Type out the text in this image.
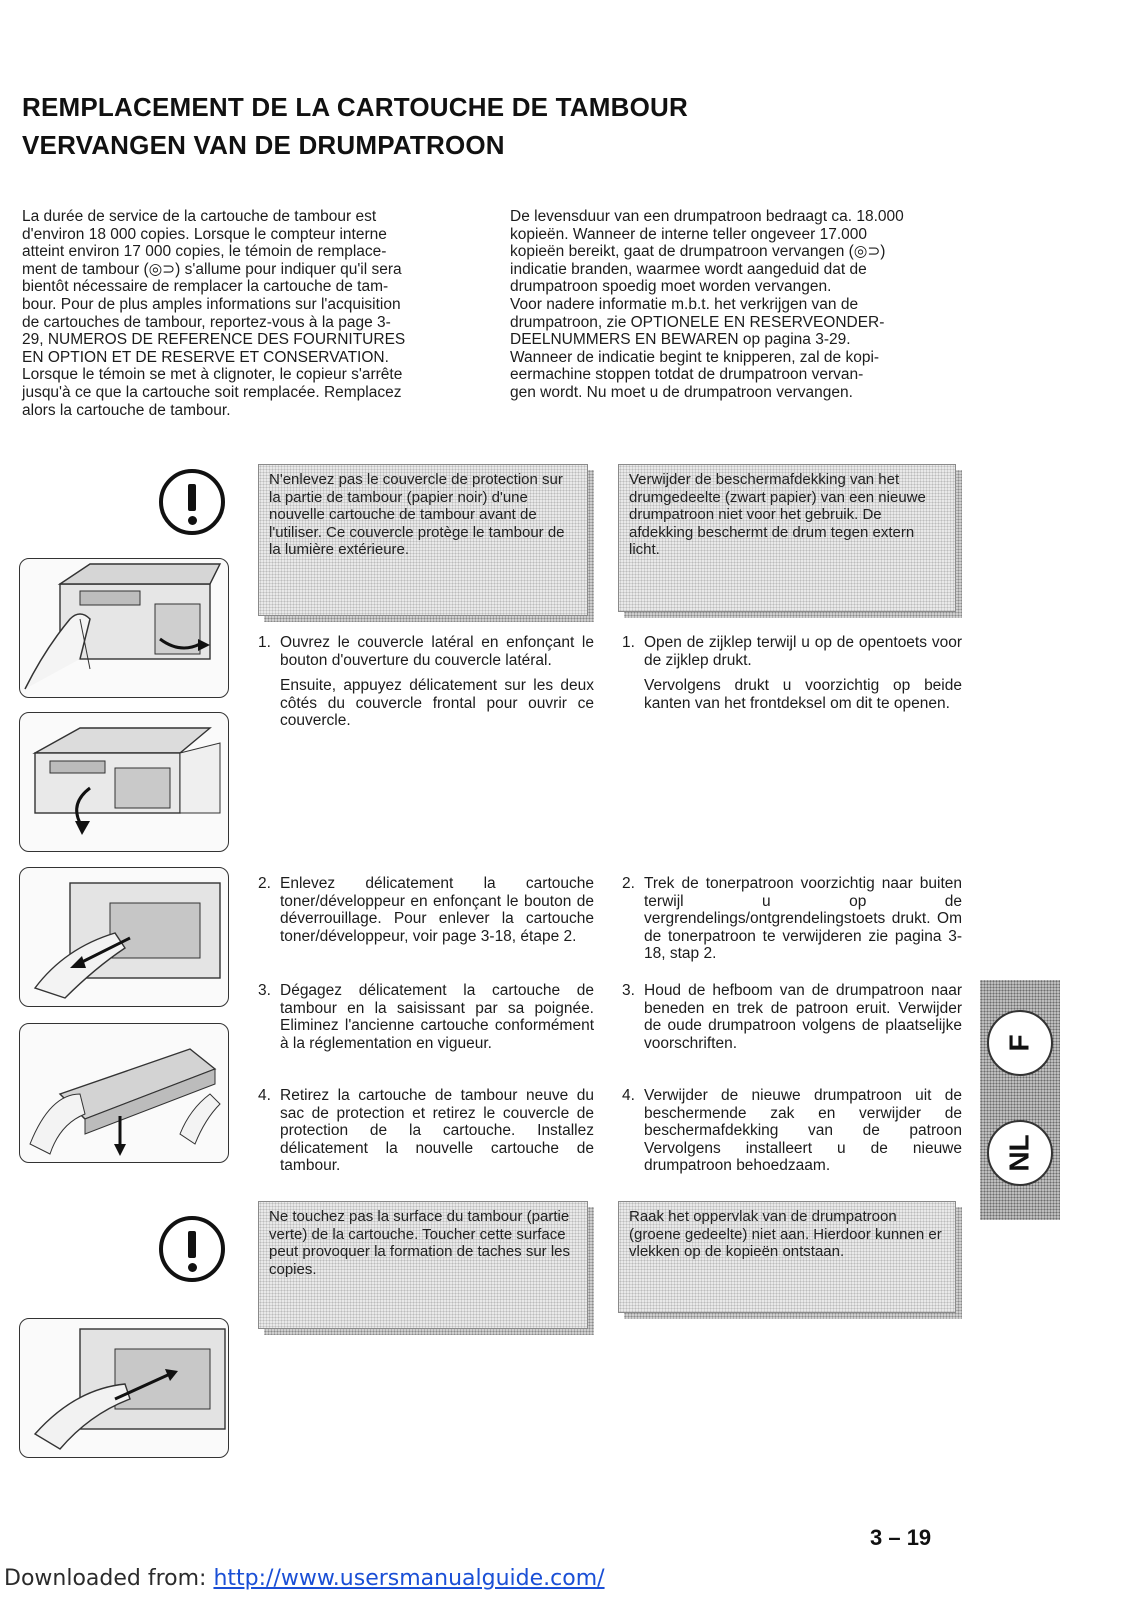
REMPLACEMENT DE LA CARTOUCHE DE TAMBOUR
VERVANGEN VAN DE DRUMPATROON
La durée de service de la cartouche de tambour est
d'environ 18 000 copies. Lorsque le compteur interne
atteint environ 17 000 copies, le témoin de remplace-
ment de tambour (◎⊃) s'allume pour indiquer qu'il sera
bientôt nécessaire de remplacer la cartouche de tam-
bour. Pour de plus amples informations sur l'acquisition
de cartouches de tambour, reportez-vous à la page 3-
29, NUMEROS DE REFERENCE DES FOURNITURES
EN OPTION ET DE RESERVE ET CONSERVATION.
Lorsque le témoin se met à clignoter, le copieur s'arrête
jusqu'à ce que la cartouche soit remplacée. Remplacez
alors la cartouche de tambour.
De levensduur van een drumpatroon bedraagt ca. 18.000
kopieën. Wanneer de interne teller ongeveer 17.000
kopieën bereikt, gaat de drumpatroon vervangen (◎⊃)
indicatie branden, waarmee wordt aangeduid dat de
drumpatroon spoedig moet worden vervangen.
Voor nadere informatie m.b.t. het verkrijgen van de
drumpatroon, zie OPTIONELE EN RESERVEONDER-
DEELNUMMERS EN BEWAREN op pagina 3-29.
Wanneer de indicatie begint te knipperen, zal de kopi-
eermachine stoppen totdat de drumpatroon vervan-
gen wordt. Nu moet u de drumpatroon vervangen.
N'enlevez pas le couvercle de protection sur la partie de tambour (papier noir) d'une nouvelle cartouche de tambour avant de l'utiliser. Ce couvercle protège le tambour de la lumière extérieure.
Verwijder de beschermafdekking van het drumgedeelte (zwart papier) van een nieuwe drumpatroon niet voor het gebruik. De afdekking beschermt de drum tegen extern licht.
Ne touchez pas la surface du tambour (partie verte) de la cartouche. Toucher cette surface peut provoquer la formation de taches sur les copies.
Raak het oppervlak van de drumpatroon (groene gedeelte) niet aan. Hierdoor kunnen er vlekken op de kopieën ontstaan.
1. Ouvrez le couvercle latéral en enfonçant le bouton d'ouverture du couvercle latéral.
Ensuite, appuyez délicatement sur les deux côtés du couvercle frontal pour ouvrir ce couvercle.
2. Enlevez délicatement la cartouche toner/développeur en enfonçant le bouton de déverrouillage. Pour enlever la cartouche toner/développeur, voir page 3-18, étape 2.
3. Dégagez délicatement la cartouche de tambour en la saisissant par sa poignée. Eliminez l'ancienne cartouche conformément à la réglementation en vigueur.
4. Retirez la cartouche de tambour neuve du sac de protection et retirez le couvercle de protection de la cartouche. Installez délicatement la nouvelle cartouche de tambour.
1. Open de zijklep terwijl u op de opentoets voor de zijklep drukt.
Vervolgens drukt u voorzichtig op beide kanten van het frontdeksel om dit te openen.
2. Trek de tonerpatroon voorzichtig naar buiten terwijl u op de vergrendelings/ontgrendelingstoets drukt. Om de tonerpatroon te verwijderen zie pagina 3-18, stap 2.
3. Houd de hefboom van de drumpatroon naar beneden en trek de patroon eruit. Verwijder de oude drumpatroon volgens de plaatselijke voorschriften.
4. Verwijder de nieuwe drumpatroon uit de beschermende zak en verwijder de beschermafdekking van de patroon Vervolgens installeert u de nieuwe drumpatroon behoedzaam.
F
NL
3 – 19
Downloaded from: http://www.usersmanualguide.com/
